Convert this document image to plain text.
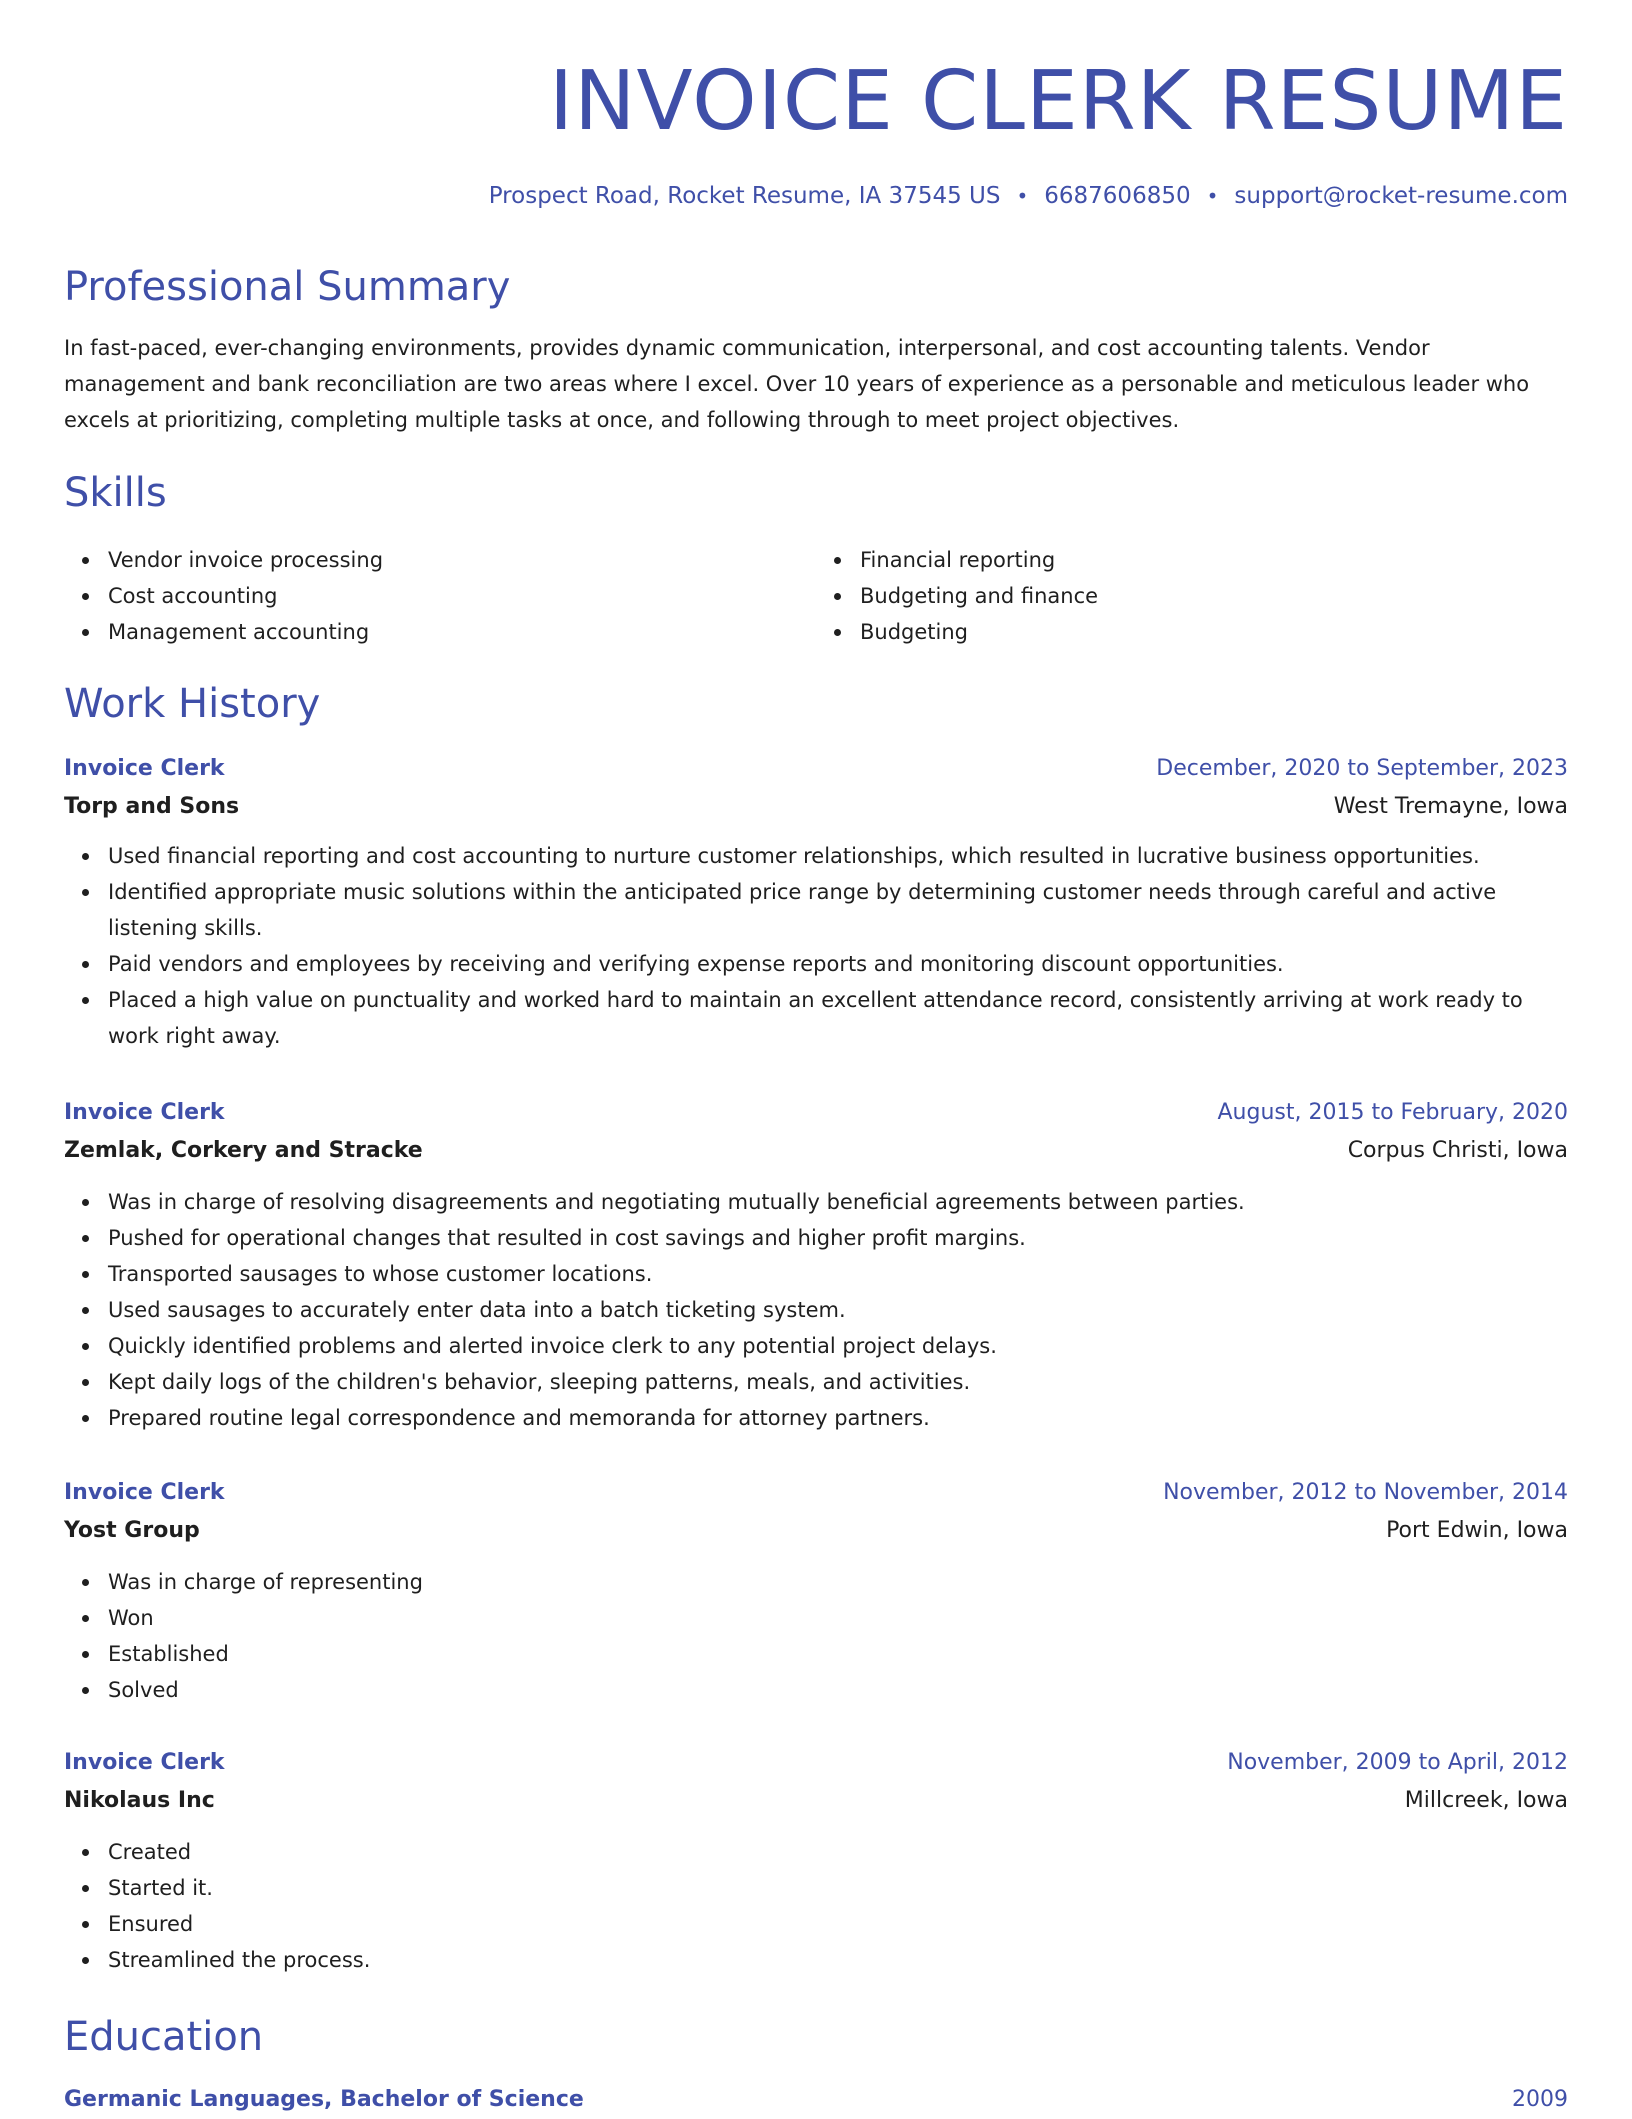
INVOICE CLERK RESUME
Prospect Road, Rocket Resume, IA 37545 US • 6687606850 • support@rocket-resume.com
Professional Summary

In fast-paced, ever-changing environments, provides dynamic communication, interpersonal, and cost accounting talents. Vendor management and bank reconciliation are two areas where I excel. Over 10 years of experience as a personable and meticulous leader who excels at prioritizing, completing multiple tasks at once, and following through to meet project objectives.

Skills
Vendor invoice processing
Cost accounting
Management accounting
Financial reporting
Budgeting and finance
Budgeting
Work History
Invoice Clerk	December, 2020 to September, 2023
Torp and Sons	West Tremayne, Iowa
Used financial reporting and cost accounting to nurture customer relationships, which resulted in lucrative business opportunities.
Identified appropriate music solutions within the anticipated price range by determining customer needs through careful and active listening skills.
Paid vendors and employees by receiving and verifying expense reports and monitoring discount opportunities.
Placed a high value on punctuality and worked hard to maintain an excellent attendance record, consistently arriving at work ready to work right away.
Invoice Clerk	August, 2015 to February, 2020
Zemlak, Corkery and Stracke	Corpus Christi, Iowa
Was in charge of resolving disagreements and negotiating mutually beneficial agreements between parties.
Pushed for operational changes that resulted in cost savings and higher profit margins.
Transported sausages to whose customer locations.
Used sausages to accurately enter data into a batch ticketing system.
Quickly identified problems and alerted invoice clerk to any potential project delays.
Kept daily logs of the children's behavior, sleeping patterns, meals, and activities.
Prepared routine legal correspondence and memoranda for attorney partners.
Invoice Clerk	November, 2012 to November, 2014
Yost Group	Port Edwin, Iowa
Was in charge of representing
Won
Established
Solved
Invoice Clerk	November, 2009 to April, 2012
Nikolaus Inc	Millcreek, Iowa
Created
Started it.
Ensured
Streamlined the process.
Education
Germanic Languages, Bachelor of Science	2009
